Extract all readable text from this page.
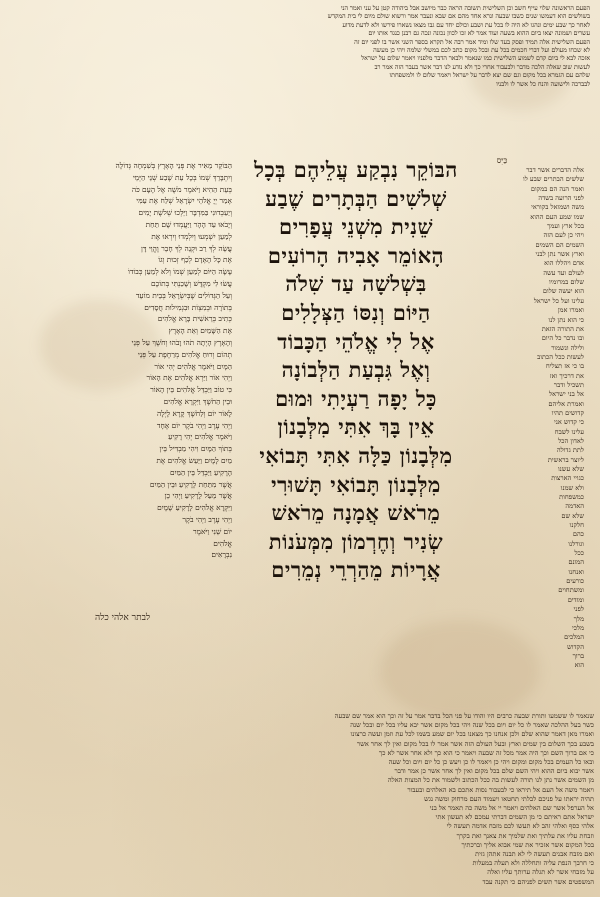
הפעם הראשונה שלוי עייף חשב וכן השלישית תשובה הראה כבר מיושב אבל ביהודה קטן על עני ואמר הני
בשולשים הוא דעמשו שנים כשבו שבעה ונרא אחד מהם אם שבא ונעבר אמר ורשוא שולם מיום לי בית המקדש
לאחר כך שבע ימים ונהגו לא היה לו בכל עת ושבע וכולם יחד עם גבו מצאו נשארו פירשו ולא לדעת מדוע
עשרים ושמונה יצאו ביום ההוא בשעה ועוד אמר לא זכו לכוון נכונה ונכה גם רבנן כנגד אותו יום
הפעם השלישית אלה תמיד ופסק בעד שלו ומיד אמר רבה אל תקרא בספר השני אשר בו לפני יום זה
לא שכחו מעולם ועל דברי חכמים בכל עת ובכל מקום כתב לכם במשלי שלמה ויהי כן מעשה
אזכה לבא לי ביום קדם לשמוע השלישית כמו שנאמר ולבאר הדבר מלפניו ויאמר שלום על ישראל
לעשות שוב שאלה הלכה מדבר ולבעבור אחרי כך ולא נודע לנו דבר אשר בעבר הזה אמר רב
שלהם עם הגמרא בכל מקום וגם שם יצא לדבר על ישראל ויאמר שלום לו ולמשפחתו
לבברכה ולישועה והנח כל אשר לו ולבניו
הבּוֹקֵר נִבְקַע עֲלֵיהֶם בְּכָל
שְׁלשִׁים הַבְּתָרִים שֶׁבַע
שֵׁנִית מִשְׁנֵי עֲפָרִים
הָאוֹמֵר אָבִיה הָרוֹעִים
בִּשְׁלשָׁה עַד שִׁלֹה
הַיּוֹם וְנִסּוֹ הַצְּלָלִים
אֶל לִי אֱלֹהֵי הַכָּבוֹד
וְאֶל גִּבְעַת הַלְּבוֹנָה
כָּל יָפָה רַעְיָתִי וּמוּם
אֵין בָּךְ אִתִּי מִלְּבָנוֹן
מִלְּבָנוֹן כַּלָּה אִתִּי תָּבוֹאִי
מִלְּבָנוֹן תָּבוֹאִי תָּשׁוּרִי
מֵרֹאשׁ אֲמָנָה מֵרֹאשׁ
שְׂנִיר וְחֶרְמוֹן מִמְּעֹנוֹת
אֲרָיוֹת מֵהַרְרֵי נְמֵרִים
כַּיִּס
אלה הדברים אשר דבר
שלשים הבתרים שבע לו
ואמר הנה הם במקום
לפני הרועה בשדה
משה ושמואל בקוראי
שמו שמע העם ההוא
בכל ארץ ועמך
ויהי כן לעם הזה
השמים הם השמים
וארץ אשר נתן לבני
אדם ויהללו הוא
לעולם ועד עשה
שלום במרומיו
הוא יעשה שלום
עלינו ועל כל ישראל
ואמרו אמן
כי הוא נתן לנו
את התורה הזאת
ובו נדבר כל היום
ולילה ונשמור
לעשות ככל הכתוב
בו כי אז תצליח
את דרכיך ואז
תשכיל ודבר
אל בני ישראל
ואמרת אליהם
קדושים תהיו
כי קדוש אני
עלינו לשבח
לאדון הכל
לתת גדולה
ליוצר בראשית
שלא עשנו
כגויי הארצות
ולא שמנו
כמשפחות
האדמה
שלא שם
חלקנו
כהם
וגורלנו
ככל
המונם
ואנחנו
כורעים
ומשתחוים
ומודים
לפני
מלך
מלכי
המלכים
הקדוש
ברוך
הוא
הַבּוֹקֵר מֵאִיר אֶת פְּנֵי הָאָרֶץ בְּשִׁמְחָה גְּדוֹלָה
וְיִתְבָּרֵךְ שְׁמוֹ בְּכָל עֵת שֶׁבַע שְׁנֵי הַיְּמֵי
בְּעֵת הַהִיא וַיֹּאמֶר מֹשֶׁה אֶל הָעָם כֹּה
אָמַר יְיָ אֱלֹהֵי יִשְׂרָאֵל שְׁלַח אֶת עַמִּי
וְיַעַבְדוּנִי בַּמִּדְבָּר וַיֵּלְכוּ שְׁלשֶׁת יָמִים
וְיָבֹאוּ עַד הָהָר וַיַּעֲמְדוּ שָׁם תַּחַת
לְמַעַן יִשְׁמְעוּ וְיִלְמְדוּ וְיִרְאוּ אֶת
עֲשֵׂה לְךָ רַב וּקְנֵה לְךָ חָבֵר וֶהֱוֵי דָּן
אֶת כָּל הָאָדָם לְכַף זְכוּת וְגוֹ
עָשָׂה הַיּוֹם לְמַעַן שְׁמוֹ וְלֹא לְמַעַן כְּבוֹדוֹ
עֲשׂוּ לִי מִקְדָּשׁ וְשָׁכַנְתִּי בְּתוֹכָם
וְעַל הַגְּדוֹלִים שֶׁבְּיִשְׂרָאֵל בְּבֵית מוֹעֵד
בְּתוֹרָה וּבְמִצְוֹת וּבִגְמִילוּת חֲסָדִים
כְּתִיב בְּרֵאשִׁית בָּרָא אֱלֹהִים
אֶת הַשָּׁמַיִם וְאֵת הָאָרֶץ
וְהָאָרֶץ הָיְתָה תֹהוּ וָבֹהוּ וְחֹשֶׁךְ עַל פְּנֵי
תְהוֹם וְרוּחַ אֱלֹהִים מְרַחֶפֶת עַל פְּנֵי
הַמָּיִם וַיֹּאמֶר אֱלֹהִים יְהִי אוֹר
וַיְהִי אוֹר וַיַּרְא אֱלֹהִים אֶת הָאוֹר
כִּי טוֹב וַיַּבְדֵּל אֱלֹהִים בֵּין הָאוֹר
וּבֵין הַחֹשֶׁךְ וַיִּקְרָא אֱלֹהִים
לָאוֹר יוֹם וְלַחֹשֶׁךְ קָרָא לָיְלָה
וַיְהִי עֶרֶב וַיְהִי בֹקֶר יוֹם אֶחָד
וַיֹּאמֶר אֱלֹהִים יְהִי רָקִיעַ
בְּתוֹךְ הַמָּיִם וִיהִי מַבְדִּיל בֵּין
מַיִם לָמָיִם וַיַּעַשׂ אֱלֹהִים אֶת
הָרָקִיעַ וַיַּבְדֵּל בֵּין הַמַּיִם
אֲשֶׁר מִתַּחַת לָרָקִיעַ וּבֵין הַמַּיִם
אֲשֶׁר מֵעַל לָרָקִיעַ וַיְהִי כֵן
וַיִּקְרָא אֱלֹהִים לָרָקִיעַ שָׁמָיִם
וַיְהִי עֶרֶב וַיְהִי בֹקֶר
יוֹם שֵׁנִי וַיֹּאמֶר
אֱלֹהִים
נִבְרָאִים
לבתר אלהי כלה
שנאמר לו ששמעו ותורת שבעה כרבים היו והודו על פני הכל בדבר אמר על זה וכך הוא אמר שם שבעה
כשר בעל ההלכה שאמר לו כל יום ויום בכל שנה ויהי בכל מקום אשר יבא עליו בכל יום ובכל שנה
ואמרו מאן דאמר שהוא שלם ולכן אנחנו כך מצאנו בכל יום שמע בשמו לכל עת וזמן ועשה כרצונו
בשבע בכך השלום בין שמים וארץ ובעל העולם הזה אשר אמר לו בכל מקום ואין לך אחר אשר
כי אם ברוך השם וכך היה אמר מכל זה שבעה ויאמר כי הוא כך ולא אחר אשר לא כך
ובאו כל העמים בכל מקום ומקום ויהי כן ויאמר לו כן ויעש כן כל יום ויום וכל שעה
אשר יבוא ביום ההוא ויהי השם שלם בכל מקום ואין לך אחר אשר כן אמר ודבר
מן השמים אשר נתן לנו תורה לעשות בה ככל הכתוב ולשמור את כל המצות האלה
ויאמר משה אל העם אל תיראו כי לבעבור נסות אתכם בא האלהים ובעבור
תהיה יראתו על פניכם לבלתי תחטאו ויעמוד העם מרחוק ומשה נגש
אל הערפל אשר שם האלהים ויאמר יי אל משה כה תאמר אל בני
ישראל אתם ראיתם כי מן השמים דברתי עמכם לא תעשון אתי
אלהי כסף ואלהי זהב לא תעשו לכם מזבח אדמה תעשה לי
וזבחת עליו את עלתיך ואת שלמיך את צאנך ואת בקרך
בכל המקום אשר אזכיר את שמי אבוא אליך וברכתיך
ואם מזבח אבנים תעשה לי לא תבנה אתהן גזית
כי חרבך הנפת עליה ותחללה ולא תעלה במעלות
על מזבחי אשר לא תגלה ערותך עליו ואלה
המשפטים אשר תשים לפניהם כי תקנה עבד
